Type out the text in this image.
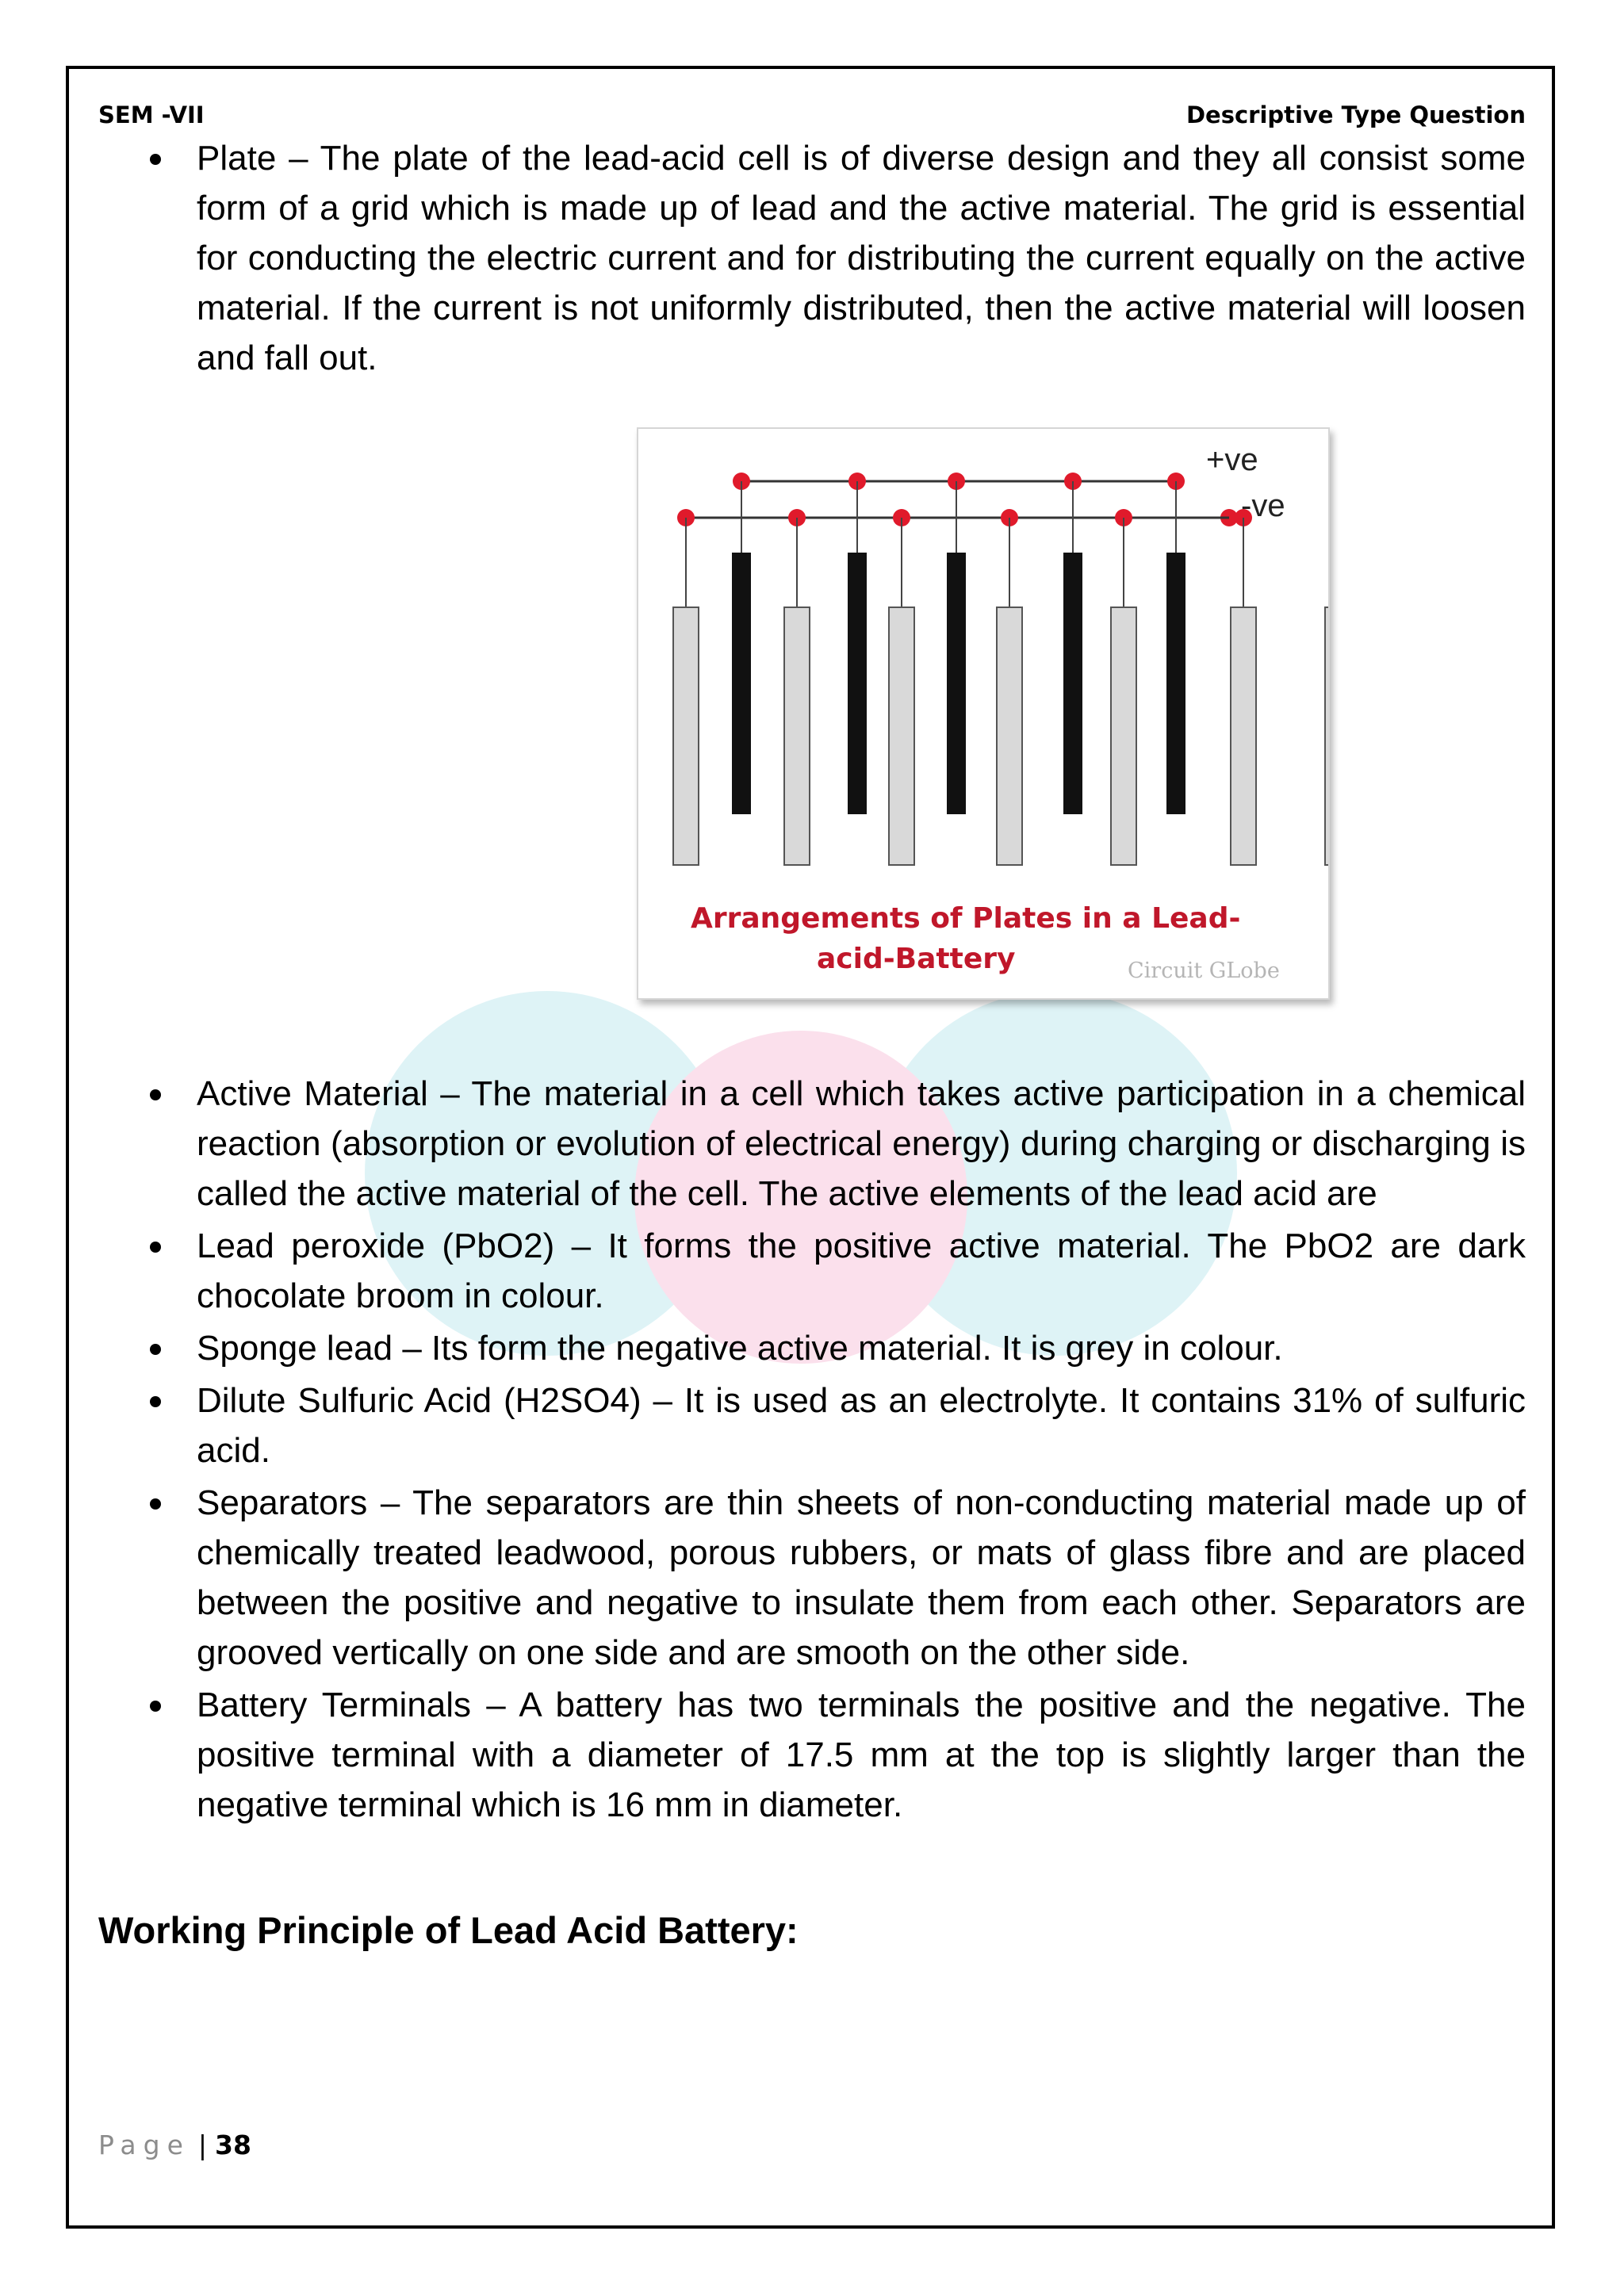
SEM -VII	Descriptive Type Question
Plate – The plate of the lead-acid cell is of diverse design and they all consist some form of a grid which is made up of lead and the active material. The grid is essential for conducting the electric current and for distributing the current equally on the active material. If the current is not uniformly distributed, then the active material will loosen and fall out.
+ve
-ve
Arrangements of Plates in a Lead-
acid-Battery	Circuit GLobe
Active Material – The material in a cell which takes active participation in a chemical reaction (absorption or evolution of electrical energy) during charging or discharging is called the active material of the cell. The active elements of the lead acid are
Lead peroxide (PbO2) – It forms the positive active material. The PbO2 are dark chocolate broom in colour.
Sponge lead – Its form the negative active material. It is grey in colour.
Dilute Sulfuric Acid (H2SO4) – It is used as an electrolyte. It contains 31% of sulfuric acid.
Separators – The separators are thin sheets of non-conducting material made up of chemically treated leadwood, porous rubbers, or mats of glass fibre and are placed between the positive and negative to insulate them from each other. Separators are grooved vertically on one side and are smooth on the other side.
Battery Terminals – A battery has two terminals the positive and the negative. The positive terminal with a diameter of 17.5 mm at the top is slightly larger than the negative terminal which is 16 mm in diameter.
Working Principle of Lead Acid Battery:
Page | 38
